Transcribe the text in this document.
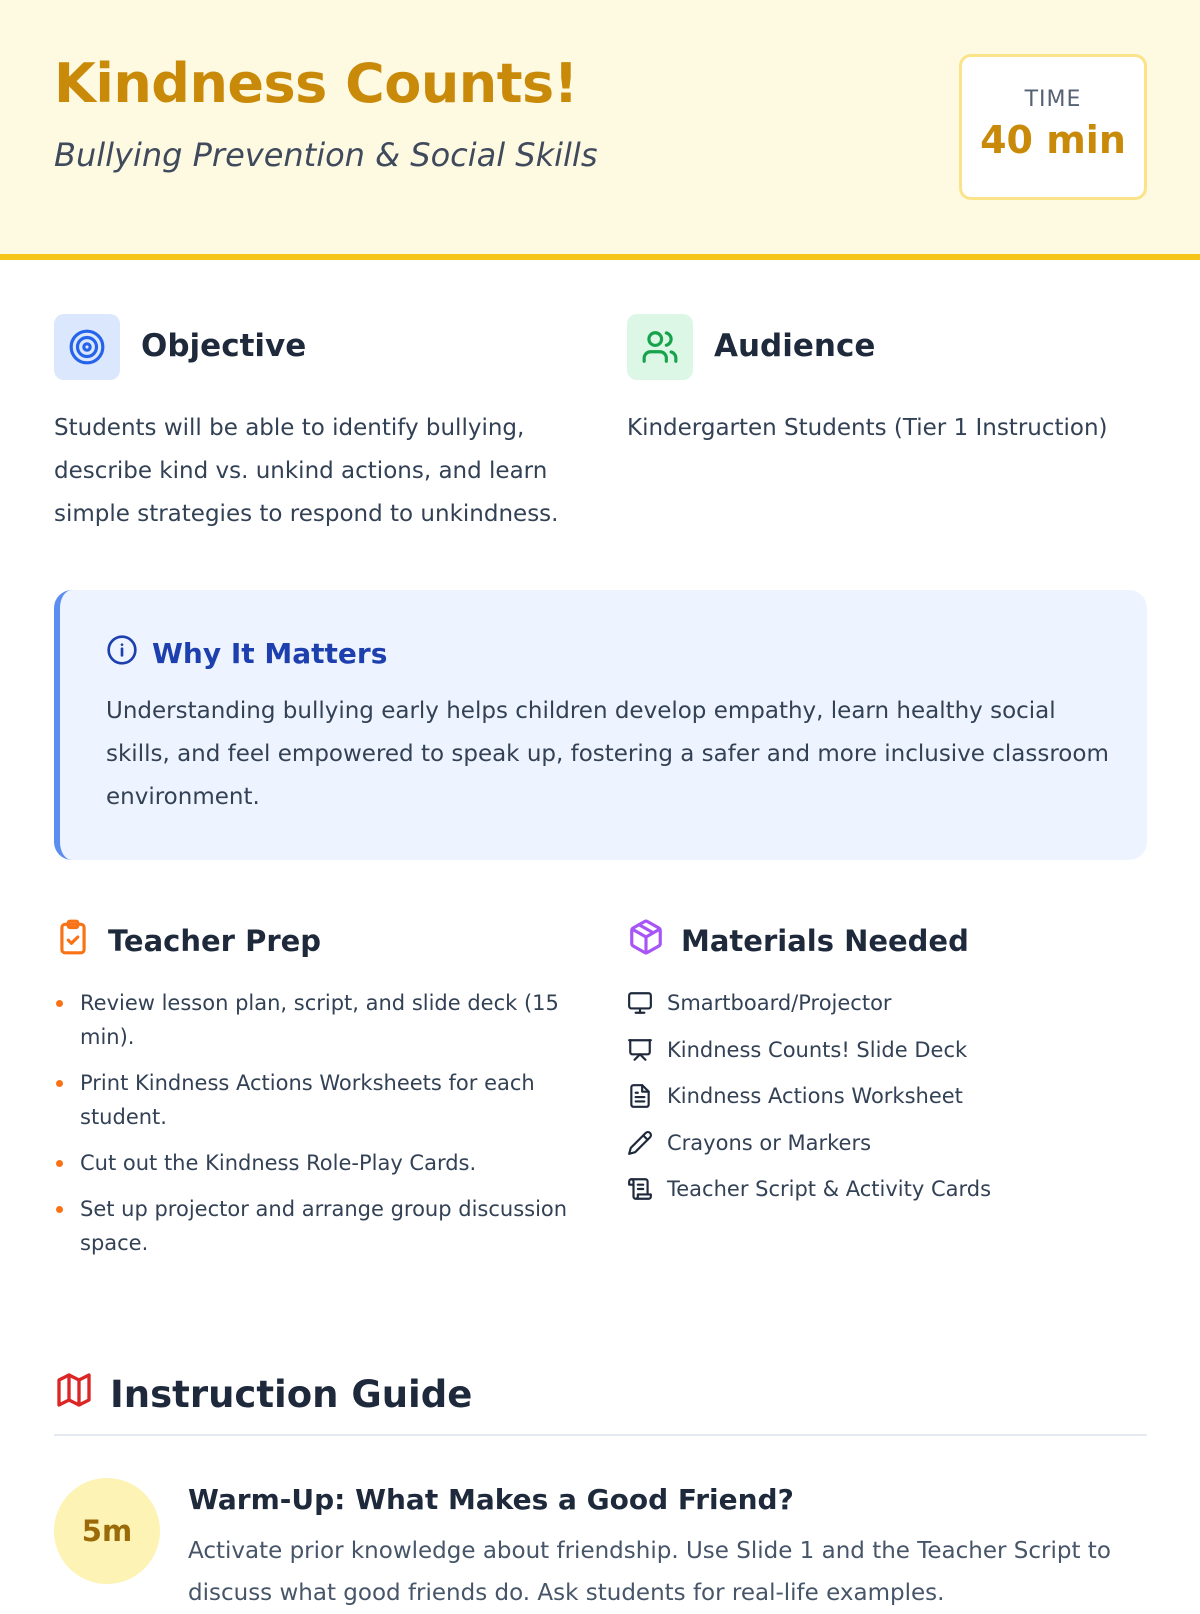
Kindness Counts!
Bullying Prevention & Social Skills
TIME
40 min
Objective
Students will be able to identify bullying, describe kind vs. unkind actions, and learn simple strategies to respond to unkindness.
Audience
Kindergarten Students (Tier 1 Instruction)
Why It Matters
Understanding bullying early helps children develop empathy, learn healthy social skills, and feel empowered to speak up, fostering a safer and more inclusive classroom environment.
Teacher Prep
Review lesson plan, script, and slide deck (15 min).
Print Kindness Actions Worksheets for each student.
Cut out the Kindness Role-Play Cards.
Set up projector and arrange group discussion space.
Materials Needed
Smartboard/Projector
Kindness Counts! Slide Deck
Kindness Actions Worksheet
Crayons or Markers
Teacher Script & Activity Cards
Instruction Guide
5m
Warm-Up: What Makes a Good Friend?
Activate prior knowledge about friendship. Use Slide 1 and the Teacher Script to discuss what good friends do. Ask students for real-life examples.
